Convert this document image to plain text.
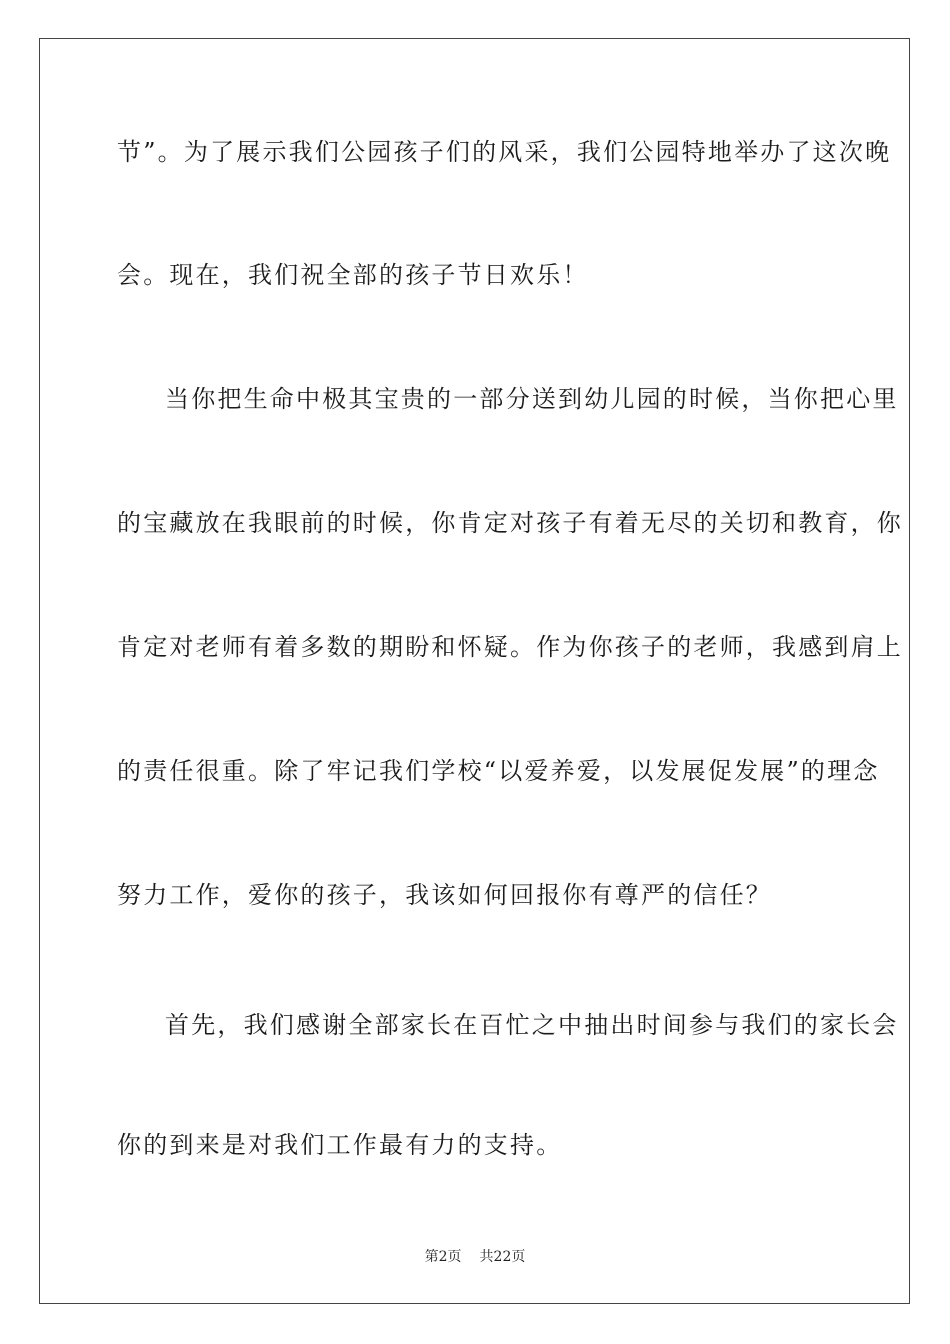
节”。为了展示我们公园孩子们的风采，我们公园特地举办了这次晚
会。现在，我们祝全部的孩子节日欢乐！
当你把生命中极其宝贵的一部分送到幼儿园的时候，当你把心里
的宝藏放在我眼前的时候，你肯定对孩子有着无尽的关切和教育，你
肯定对老师有着多数的期盼和怀疑。作为你孩子的老师，我感到肩上
的责任很重。除了牢记我们学校“以爱养爱，以发展促发展”的理念
努力工作，爱你的孩子，我该如何回报你有尊严的信任？
首先，我们感谢全部家长在百忙之中抽出时间参与我们的家长会
你的到来是对我们工作最有力的支持。
第2页 共22页
